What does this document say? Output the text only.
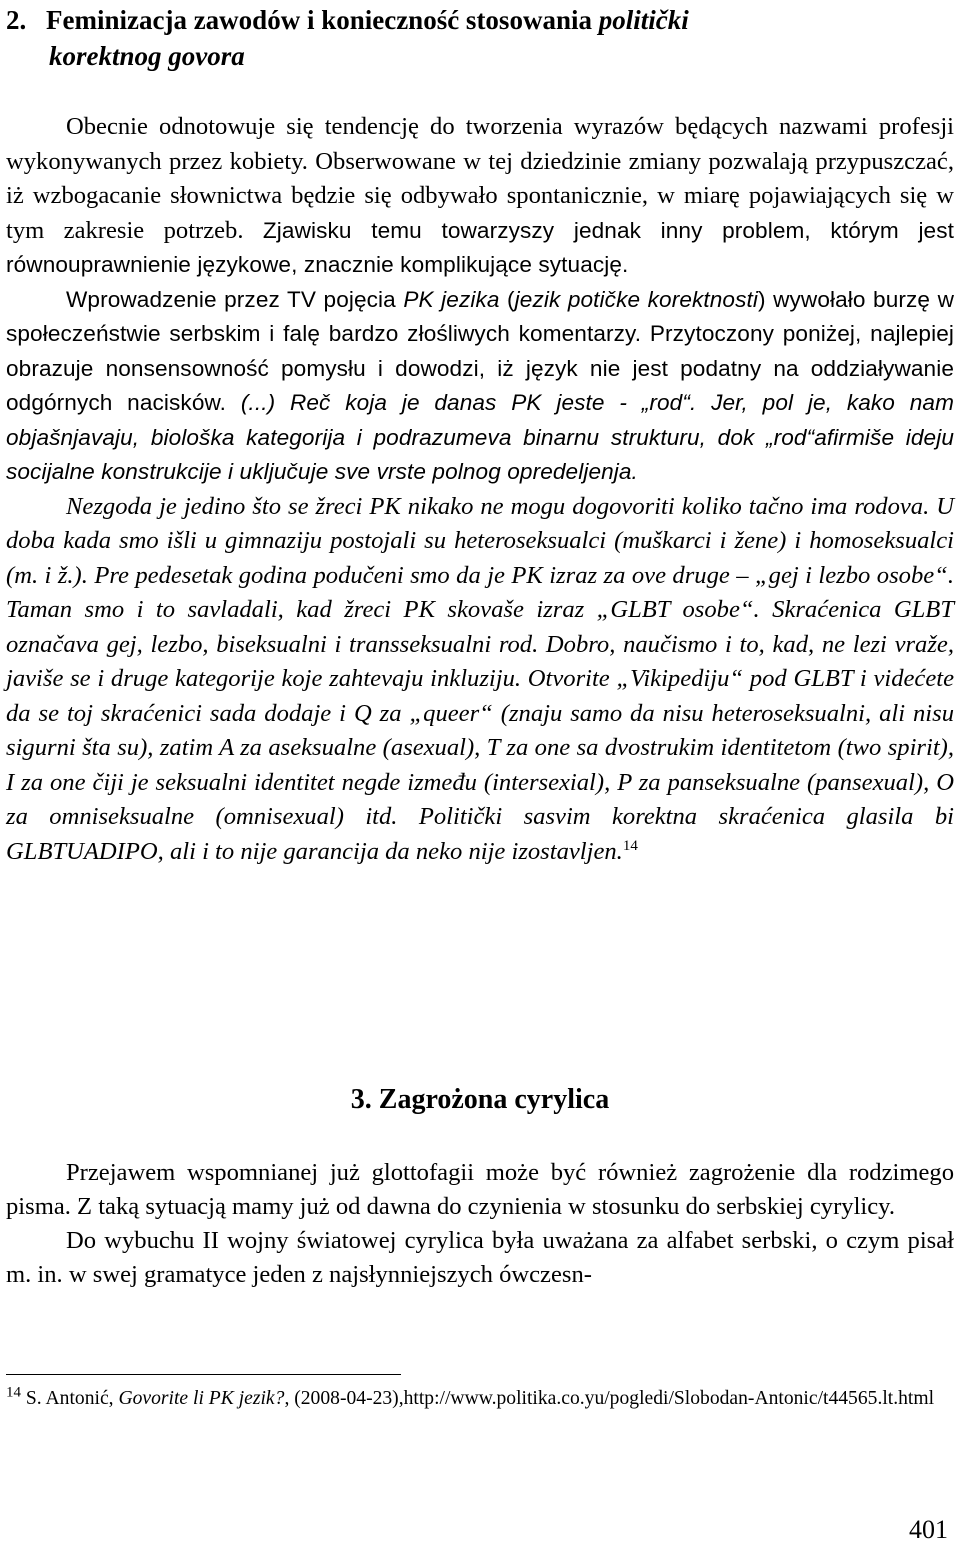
2. Feminizacja zawodów i konieczność stosowania politički
korektnog govora

Obecnie odnotowuje się tendencję do tworzenia wyrazów będących nazwami profesji wykonywanych przez kobiety. Obserwowane w tej dziedzinie zmiany pozwalają przypuszczać, iż wzbogacanie słownictwa będzie się odbywało spontanicznie, w miarę pojawiających się w tym zakresie potrzeb. Zjawisku temu towarzyszy jednak inny problem, którym jest równouprawnienie językowe, znacznie komplikujące sytuację.

Wprowadzenie przez TV pojęcia PK jezika (jezik potičke korektnosti) wywołało burzę w społeczeństwie serbskim i falę bardzo złośliwych komentarzy. Przytoczony poniżej, najlepiej obrazuje nonsensowność pomysłu i dowodzi, iż język nie jest podatny na oddziaływanie odgórnych nacisków. (...) Reč koja je danas PK jeste - „rod“. Jer, pol je, kako nam objašnjavaju, biološka kategorija i podrazumeva binarnu strukturu, dok „rod“afirmiše ideju socijalne konstrukcije i uključuje sve vrste polnog opredeljenja.

Nezgoda je jedino što se žreci PK nikako ne mogu dogovoriti koliko tačno ima rodova. U doba kada smo išli u gimnaziju postojali su heteroseksualci (muškarci i žene) i homoseksualci (m. i ž.). Pre pedesetak godina podučeni smo da je PK izraz za ove druge – „gej i lezbo osobe“. Taman smo i to savladali, kad žreci PK skovaše izraz „GLBT osobe“. Skraćenica GLBT označava gej, lezbo, biseksualni i transseksualni rod. Dobro, naučismo i to, kad, ne lezi vraže, javiše se i druge kategorije koje zahtevaju inkluziju. Otvorite „Vikipediju“ pod GLBT i videćete da se toj skraćenici sada dodaje i Q za „queer“ (znaju samo da nisu heteroseksualni, ali nisu sigurni šta su), zatim A za aseksualne (asexual), T za one sa dvostrukim identitetom (two spirit), I za one čiji je seksualni identitet negde između (intersexial), P za panseksualne (pansexual), O za omniseksualne (omnisexual) itd. Politički sasvim korektna skraćenica glasila bi GLBTUADIPO, ali i to nije garancija da neko nije izostavljen.$^{14}$

3. Zagrożona cyrylica

Przejawem wspomnianej już glottofagii może być również zagrożenie dla rodzimego pisma. Z taką sytuacją mamy już od dawna do czynienia w stosunku do serbskiej cyrylicy.

Do wybuchu II wojny światowej cyrylica była uważana za alfabet serbski, o czym pisał m. in. w swej gramatyce jeden z najsłynniejszych ówczesn-

$^{14}$ S. Antonić, Govorite li PK jezik?, (2008-04-23),http://www.politika.co.yu/pogledi/Slobodan-Antonic/t44565.lt.html
401
